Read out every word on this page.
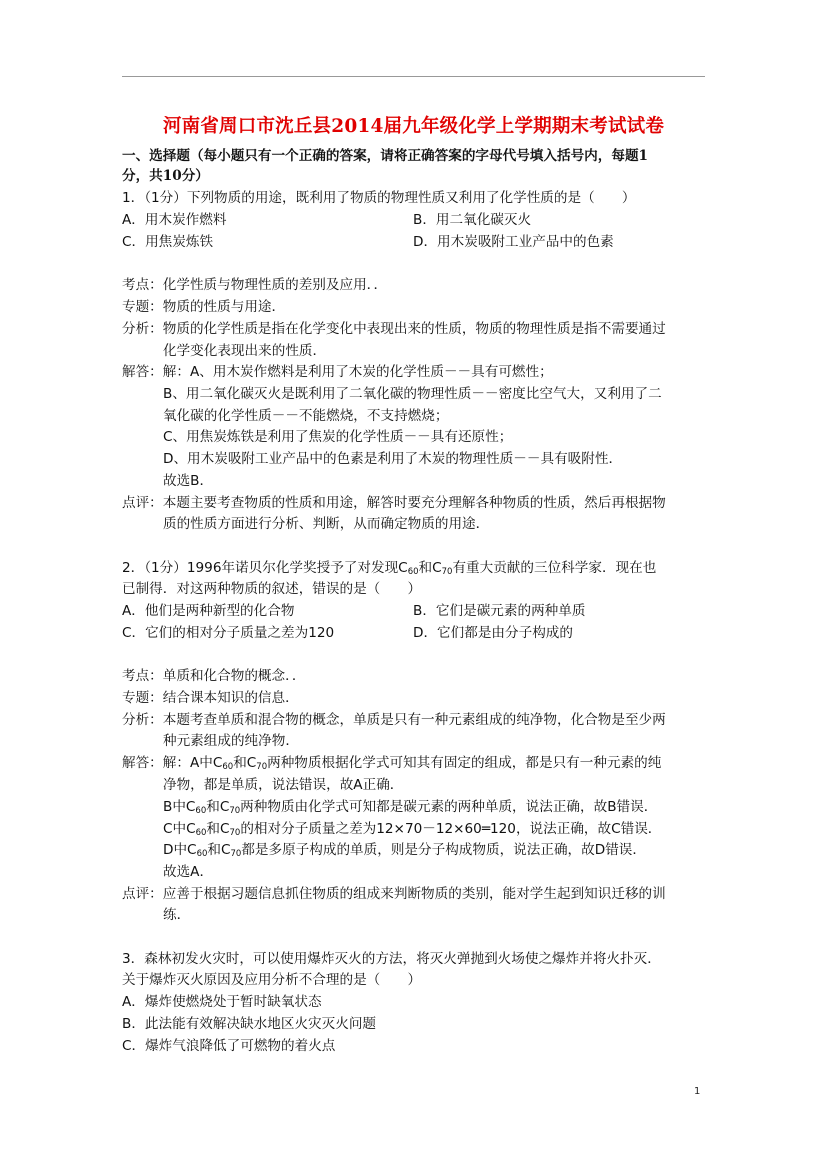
河南省周口市沈丘县2014届九年级化学上学期期末考试试卷
一、选择题（每小题只有一个正确的答案，请将正确答案的字母代号填入括号内，每题1
分，共10分）
1．（1分）下列物质的用途，既利用了物质的物理性质又利用了化学性质的是（　　）
A．用木炭作燃料	B．用二氧化碳灭火
C．用焦炭炼铁	D．用木炭吸附工业产品中的色素
考点：化学性质与物理性质的差别及应用．．
专题：物质的性质与用途．
分析：物质的化学性质是指在化学变化中表现出来的性质，物质的物理性质是指不需要通过
化学变化表现出来的性质．
解答：解：A、用木炭作燃料是利用了木炭的化学性质－－具有可燃性；
B、用二氧化碳灭火是既利用了二氧化碳的物理性质－－密度比空气大，又利用了二
氧化碳的化学性质－－不能燃烧，不支持燃烧；
C、用焦炭炼铁是利用了焦炭的化学性质－－具有还原性；
D、用木炭吸附工业产品中的色素是利用了木炭的物理性质－－具有吸附性．
故选B．
点评：本题主要考查物质的性质和用途，解答时要充分理解各种物质的性质，然后再根据物
质的性质方面进行分析、判断，从而确定物质的用途．
2．（1分）1996年诺贝尔化学奖授予了对发现$C_{60}$和$C_{70}$有重大贡献的三位科学家．现在也
已制得．对这两种物质的叙述，错误的是（　　）
A．他们是两种新型的化合物	B．它们是碳元素的两种单质
C．它们的相对分子质量之差为120	D．它们都是由分子构成的
考点：单质和化合物的概念．．
专题：结合课本知识的信息．
分析：本题考查单质和混合物的概念，单质是只有一种元素组成的纯净物，化合物是至少两
种元素组成的纯净物．
解答：解：A中$C_{60}$和$C_{70}$两种物质根据化学式可知其有固定的组成，都是只有一种元素的纯
净物，都是单质，说法错误，故A正确．
B中$C_{60}$和$C_{70}$两种物质由化学式可知都是碳元素的两种单质，说法正确，故B错误．
C中$C_{60}$和$C_{70}$的相对分子质量之差为12×70－12×60═120，说法正确，故C错误．
D中$C_{60}$和$C_{70}$都是多原子构成的单质，则是分子构成物质，说法正确，故D错误．
故选A．
点评：应善于根据习题信息抓住物质的组成来判断物质的类别，能对学生起到知识迁移的训
练．
3．森林初发火灾时，可以使用爆炸灭火的方法，将灭火弹抛到火场使之爆炸并将火扑灭．
关于爆炸灭火原因及应用分析不合理的是（　　）
A．爆炸使燃烧处于暂时缺氧状态
B．此法能有效解决缺水地区火灾灭火问题
C．爆炸气浪降低了可燃物的着火点
1
